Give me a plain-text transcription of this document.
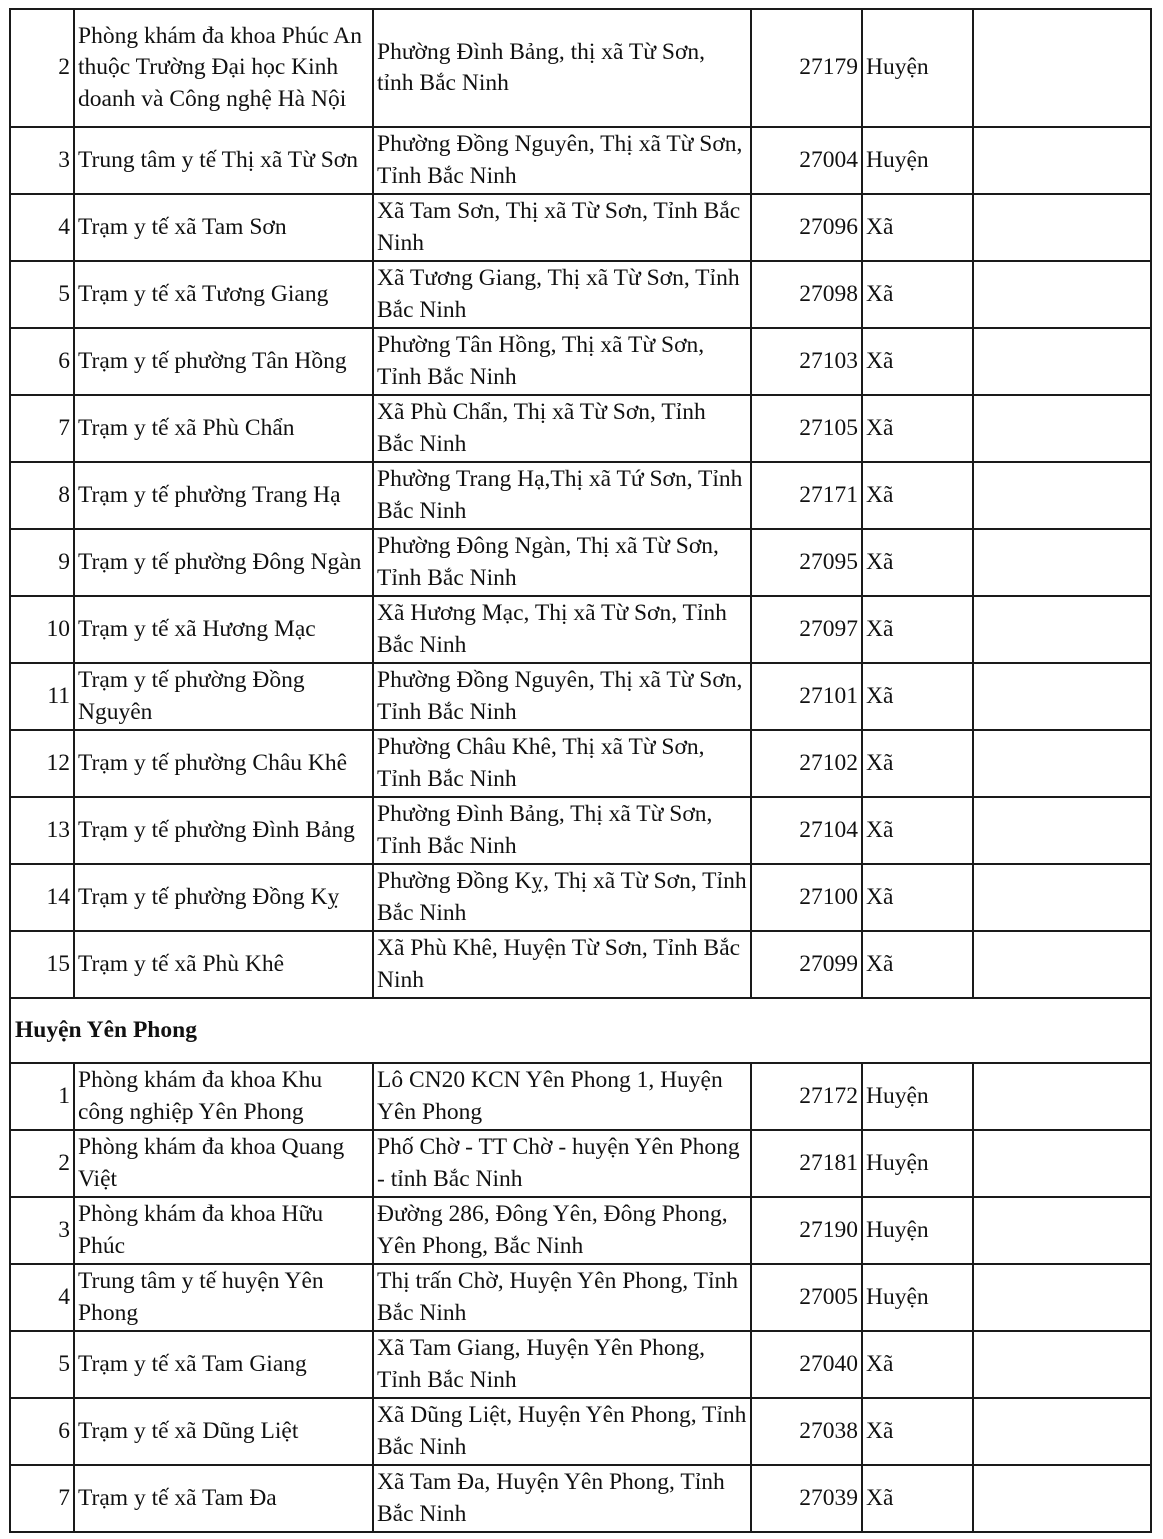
2	Phòng khám đa khoa Phúc An thuộc Trường Đại học Kinh doanh và Công nghệ Hà Nội	Phường Đình Bảng, thị xã Từ Sơn, tỉnh Bắc Ninh	27179	Huyện	
3	Trung tâm y tế Thị xã Từ Sơn	Phường Đồng Nguyên, Thị xã Từ Sơn, Tỉnh Bắc Ninh	27004	Huyện	
4	Trạm y tế xã Tam Sơn	Xã Tam Sơn, Thị xã Từ Sơn, Tỉnh Bắc Ninh	27096	Xã	
5	Trạm y tế xã Tương Giang	Xã Tương Giang, Thị xã Từ Sơn, Tỉnh Bắc Ninh	27098	Xã	
6	Trạm y tế phường Tân Hồng	Phường Tân Hồng, Thị xã Từ Sơn, Tỉnh Bắc Ninh	27103	Xã	
7	Trạm y tế xã Phù Chẩn	Xã Phù Chẩn, Thị xã Từ Sơn, Tỉnh Bắc Ninh	27105	Xã	
8	Trạm y tế phường Trang Hạ	Phường Trang Hạ,Thị xã Tứ Sơn, Tỉnh Bắc Ninh	27171	Xã	
9	Trạm y tế phường Đông Ngàn	Phường Đông Ngàn, Thị xã Từ Sơn, Tỉnh Bắc Ninh	27095	Xã	
10	Trạm y tế xã Hương Mạc	Xã Hương Mạc, Thị xã Từ Sơn, Tỉnh Bắc Ninh	27097	Xã	
11	Trạm y tế phường Đồng Nguyên	Phường Đồng Nguyên, Thị xã Từ Sơn, Tỉnh Bắc Ninh	27101	Xã	
12	Trạm y tế phường Châu Khê	Phường Châu Khê, Thị xã Từ Sơn, Tỉnh Bắc Ninh	27102	Xã	
13	Trạm y tế phường Đình Bảng	Phường Đình Bảng, Thị xã Từ Sơn, Tỉnh Bắc Ninh	27104	Xã	
14	Trạm y tế phường Đồng Kỵ	Phường Đồng Kỵ, Thị xã Từ Sơn, Tỉnh Bắc Ninh	27100	Xã	
15	Trạm y tế xã Phù Khê	Xã Phù Khê, Huyện Từ Sơn, Tỉnh Bắc Ninh	27099	Xã	
Huyện Yên Phong					
1	Phòng khám đa khoa Khu công nghiệp Yên Phong	Lô CN20 KCN Yên Phong 1, Huyện Yên Phong	27172	Huyện	
2	Phòng khám đa khoa Quang Việt	Phố Chờ - TT Chờ - huyện Yên Phong - tỉnh Bắc Ninh	27181	Huyện	
3	Phòng khám đa khoa Hữu Phúc	Đường 286, Đông Yên, Đông Phong, Yên Phong, Bắc Ninh	27190	Huyện	
4	Trung tâm y tế huyện Yên Phong	Thị trấn Chờ, Huyện Yên Phong, Tỉnh Bắc Ninh	27005	Huyện	
5	Trạm y tế xã Tam Giang	Xã Tam Giang, Huyện Yên Phong, Tỉnh Bắc Ninh	27040	Xã	
6	Trạm y tế xã Dũng Liệt	Xã Dũng Liệt, Huyện Yên Phong, Tỉnh Bắc Ninh	27038	Xã	
7	Trạm y tế xã Tam Đa	Xã Tam Đa, Huyện Yên Phong, Tỉnh Bắc Ninh	27039	Xã	
